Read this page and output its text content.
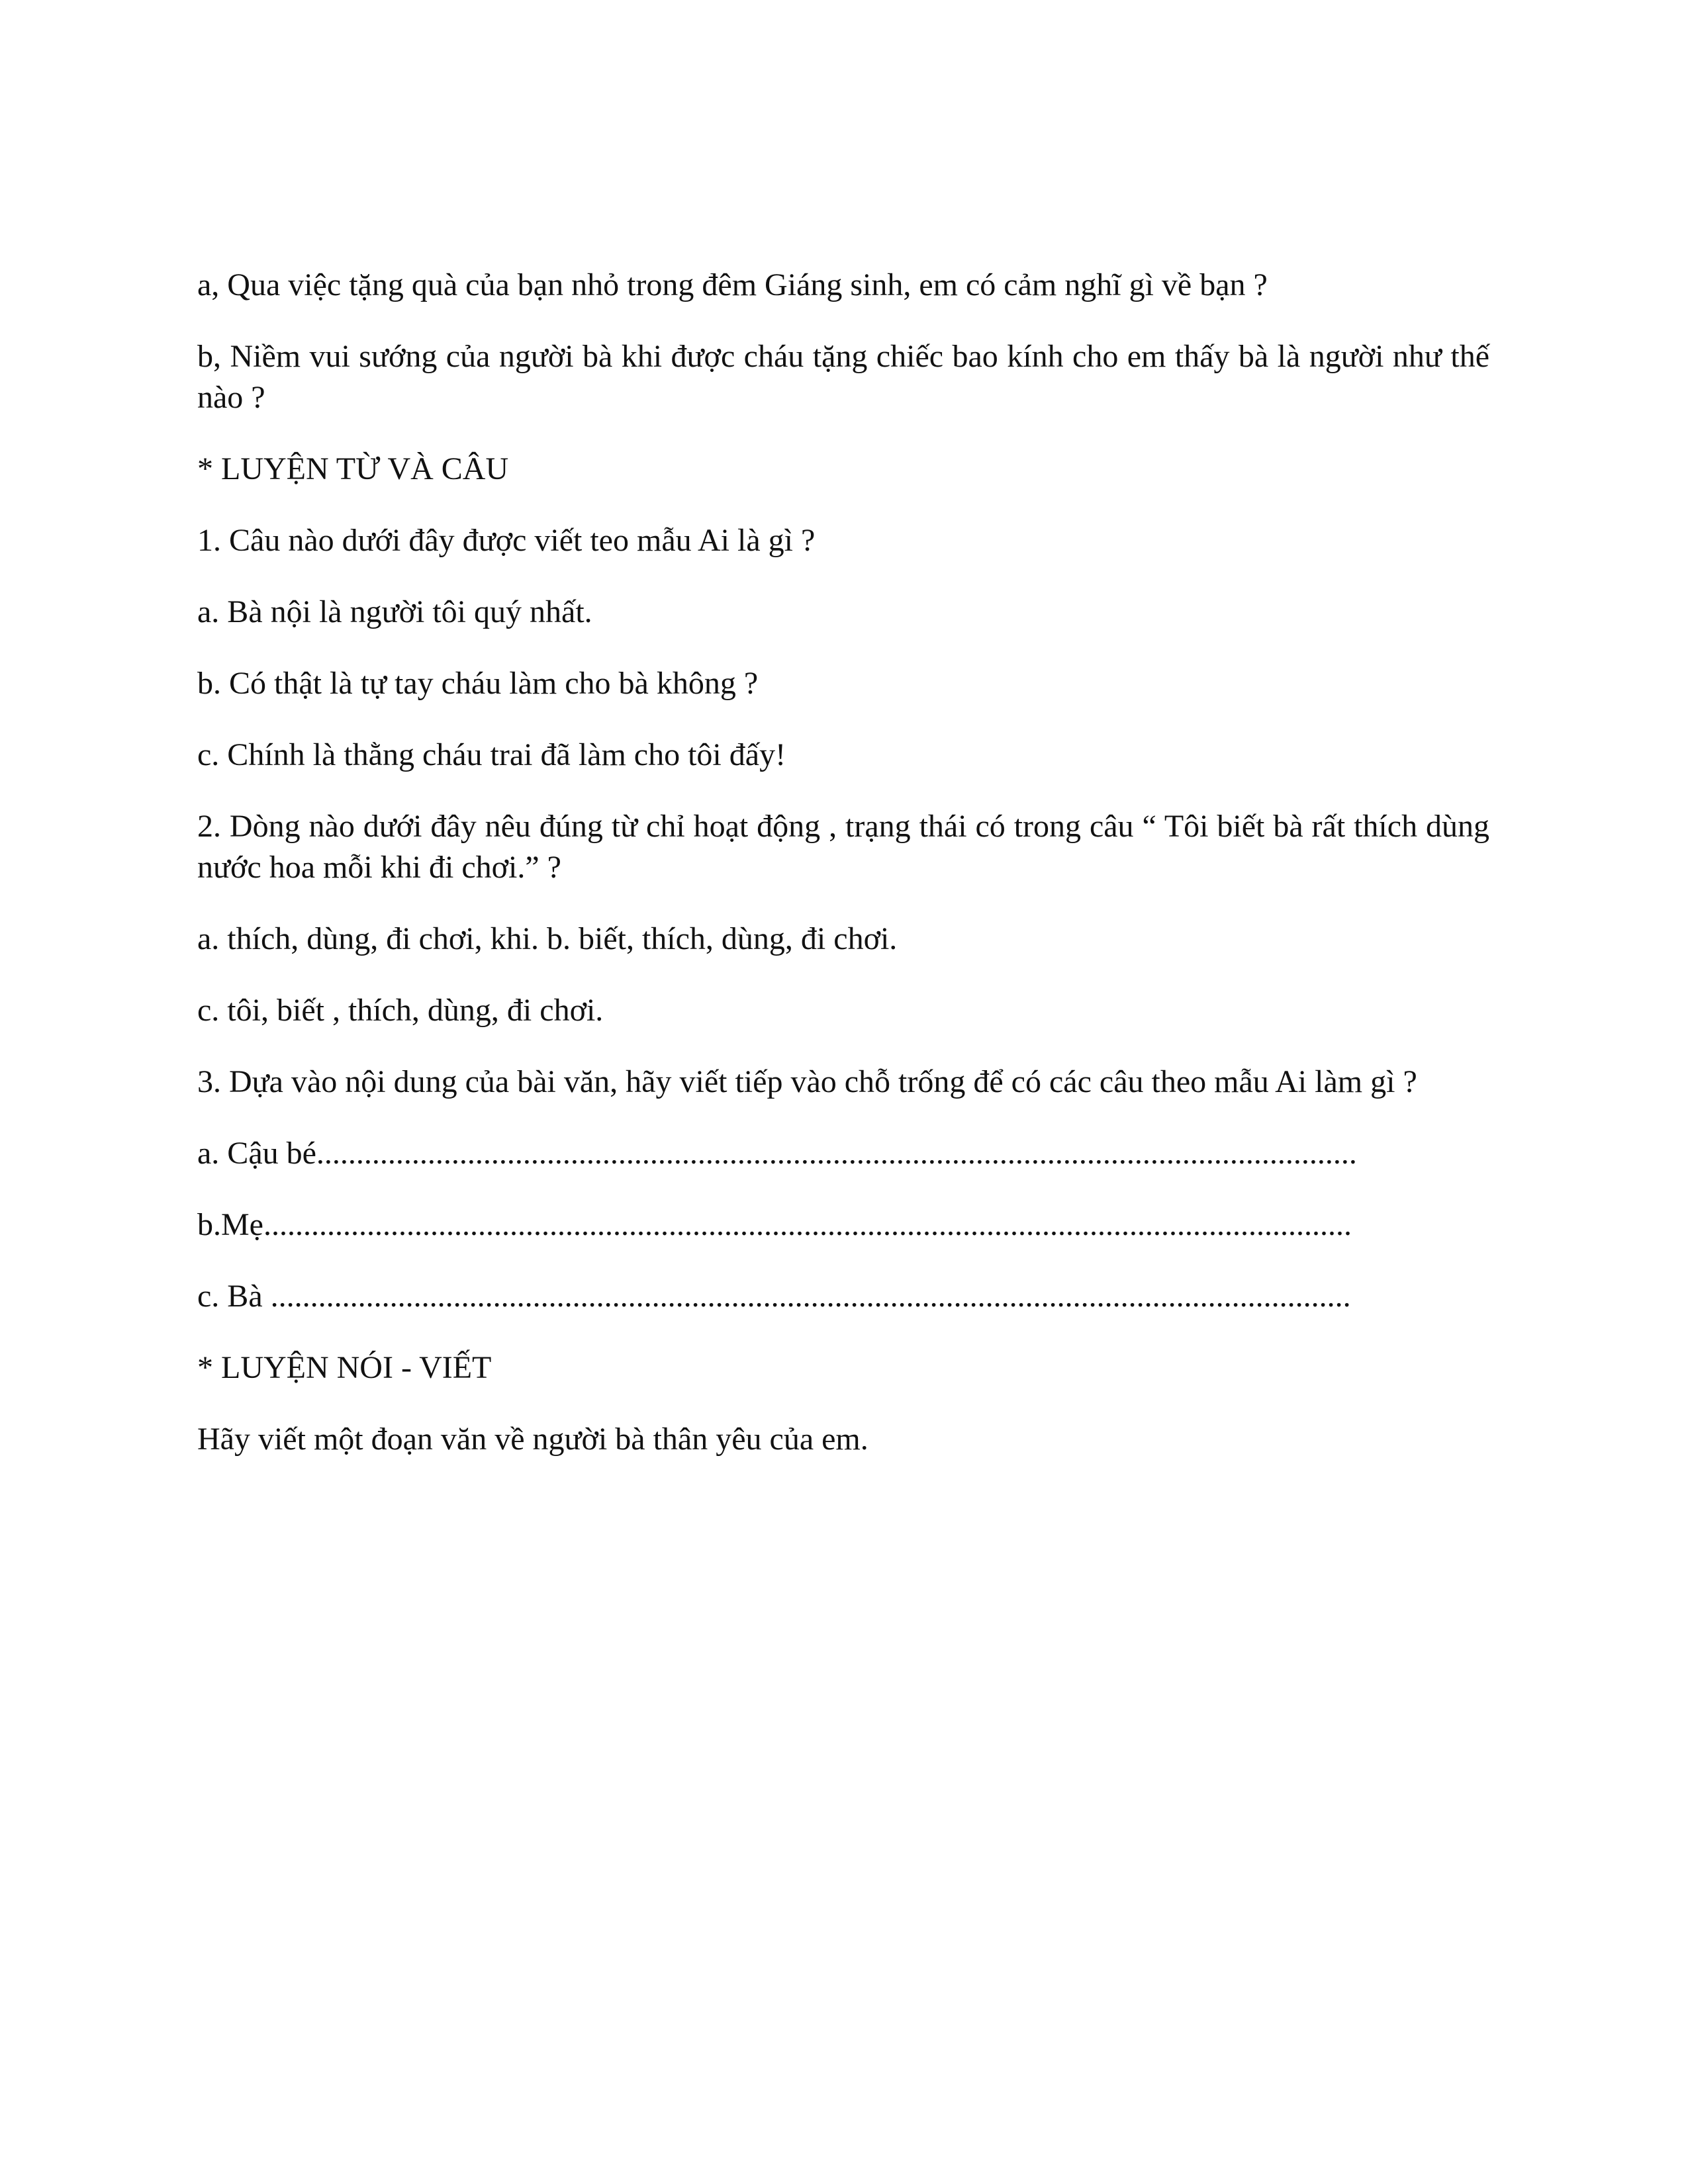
a, Qua việc tặng quà của bạn nhỏ trong đêm Giáng sinh, em có cảm nghĩ gì về bạn ?

b, Niềm vui sướng của người bà khi được cháu tặng chiếc bao kính cho em thấy bà là người như thế nào ?

* LUYỆN TỪ VÀ CÂU

1. Câu nào dưới đây được viết teo mẫu Ai là gì ?

a. Bà nội là người tôi quý nhất.

b. Có thật là tự tay cháu làm cho bà không ?

c. Chính là thằng cháu trai đã làm cho tôi đấy!

2. Dòng nào dưới đây nêu đúng từ chỉ hoạt động , trạng thái có trong câu “ Tôi biết bà rất thích dùng nước hoa mỗi khi đi chơi.” ?

a. thích, dùng, đi chơi, khi. b. biết, thích, dùng, đi chơi.

c. tôi, biết , thích, dùng, đi chơi.

3. Dựa vào nội dung của bài văn, hãy viết tiếp vào chỗ trống để có các câu theo mẫu Ai làm gì ?

a. Cậu bé...................................................................................................................................

b.Mẹ.........................................................................................................................................

c. Bà ........................................................................................................................................

* LUYỆN NÓI - VIẾT

Hãy viết một đoạn văn về người bà thân yêu của em.
